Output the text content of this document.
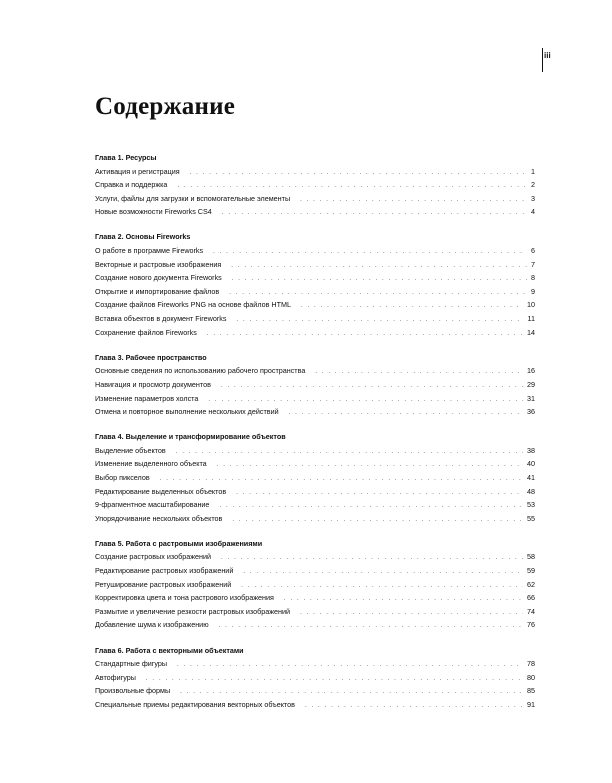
iii
Содержание
Глава 1. Ресурсы
Активация и регистрация . . .	1
Справка и поддержка . . .	2
Услуги, файлы для загрузки и вспомогательные элементы . . .	3
Новые возможности Fireworks CS4 . . .	4
Глава 2. Основы Fireworks
О работе в программе Fireworks . . .	6
Векторные и растровые изображения . . .	7
Создание нового документа Fireworks . . .	8
Открытие и импортирование файлов . . .	9
Создание файлов Fireworks PNG на основе файлов HTML . . .	10
Вставка объектов в документ Fireworks . . .	11
Сохранение файлов Fireworks . . .	14
Глава 3. Рабочее пространство
Основные сведения по использованию рабочего пространства . . .	16
Навигация и просмотр документов . . .	29
Изменение параметров холста . . .	31
Отмена и повторное выполнение нескольких действий . . .	36
Глава 4. Выделение и трансформирование объектов
Выделение объектов . . .	38
Изменение выделенного объекта . . .	40
Выбор пикселов . . .	41
Редактирование выделенных объектов . . .	48
9-фрагментное масштабирование . . .	53
Упорядочивание нескольких объектов . . .	55
Глава 5. Работа с растровыми изображениями
Создание растровых изображений . . .	58
Редактирование растровых изображений . . .	59
Ретуширование растровых изображений . . .	62
Корректировка цвета и тона растрового изображения . . .	66
Размытие и увеличение резкости растровых изображений . . .	74
Добавление шума к изображению . . .	76
Глава 6. Работа с векторными объектами
Стандартные фигуры . . .	78
Автофигуры . . .	80
Произвольные формы . . .	85
Специальные приемы редактирования векторных объектов . . .	91
